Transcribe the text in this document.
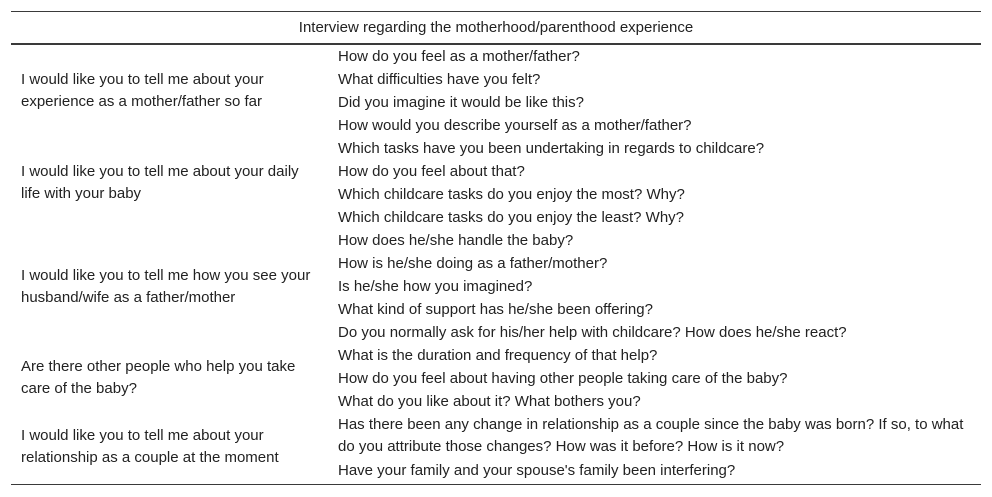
Interview regarding the motherhood/parenthood experience
I would like you to tell me about your experience as a mother/father so far
I would like you to tell me about your daily life with your baby
I would like you to tell me how you see your husband/wife as a father/mother
Are there other people who help you take care of the baby?
I would like you to tell me about your relationship as a couple at the moment
How do you feel as a mother/father?
What difficulties have you felt?
Did you imagine it would be like this?
How would you describe yourself as a mother/father?
Which tasks have you been undertaking in regards to childcare?
How do you feel about that?
Which childcare tasks do you enjoy the most? Why?
Which childcare tasks do you enjoy the least? Why?
How does he/she handle the baby?
How is he/she doing as a father/mother?
Is he/she how you imagined?
What kind of support has he/she been offering?
Do you normally ask for his/her help with childcare? How does he/she react?
What is the duration and frequency of that help?
How do you feel about having other people taking care of the baby?
What do you like about it? What bothers you?
Has there been any change in relationship as a couple since the baby was born? If so, to what do you attribute those changes? How was it before? How is it now?
Have your family and your spouse's family been interfering?
